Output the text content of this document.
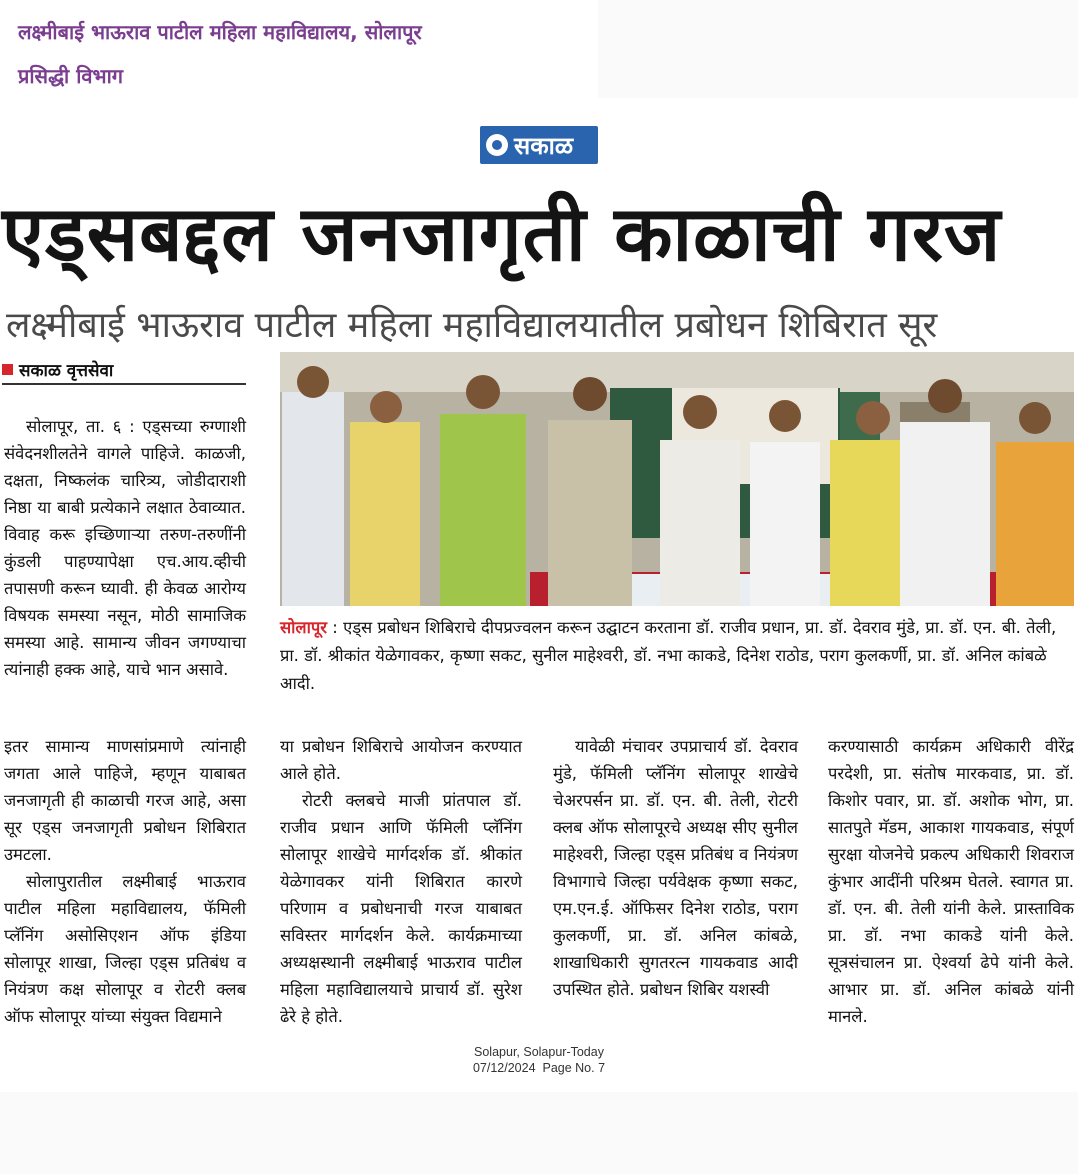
लक्ष्मीबाई भाऊराव पाटील महिला महाविद्यालय, सोलापूर
प्रसिद्धी विभाग
सकाळ
एड्‌सबद्दल जनजागृती काळाची गरज
लक्ष्मीबाई भाऊराव पाटील महिला महाविद्यालयातील प्रबोधन शिबिरात सूर
सकाळ वृत्तसेवा
सोलापूर : एड्स प्रबोधन शिबिराचे दीपप्रज्वलन करून उद्घाटन करताना डॉ. राजीव प्रधान, प्रा. डॉ. देवराव मुंडे, प्रा. डॉ. एन. बी. तेली, प्रा. डॉ. श्रीकांत येळेगावकर, कृष्णा सकट, सुनील माहेश्वरी, डॉ. नभा काकडे, दिनेश राठोड, पराग कुलकर्णी, प्रा. डॉ. अनिल कांबळे आदी.

सोलापूर, ता. ६ : एड्सच्या रुग्णाशी संवेदनशीलतेने वागले पाहिजे. काळजी, दक्षता, निष्कलंक चारित्र्य, जोडीदाराशी निष्ठा या बाबी प्रत्येकाने लक्षात ठेवाव्यात. विवाह करू इच्छिणाऱ्या तरुण-तरुणींनी कुंडली पाहण्यापेक्षा एच.आय.व्हीची तपासणी करून घ्यावी. ही केवळ आरोग्य विषयक समस्या नसून, मोठी सामाजिक समस्या आहे. सामान्य जीवन जगण्याचा त्यांनाही हक्क आहे, याचे भान असावे.

इतर सामान्य माणसांप्रमाणे त्यांनाही जगता आले पाहिजे, म्हणून याबाबत जनजागृती ही काळाची गरज आहे, असा सूर एड्स जनजागृती प्रबोधन शिबिरात उमटला.

सोलापुरातील लक्ष्मीबाई भाऊराव पाटील महिला महाविद्यालय, फॅमिली प्लॅनिंग असोसिएशन ऑफ इंडिया सोलापूर शाखा, जिल्हा एड्स प्रतिबंध व नियंत्रण कक्ष सोलापूर व रोटरी क्लब ऑफ सोलापूर यांच्या संयुक्त विद्यमाने

या प्रबोधन शिबिराचे आयोजन करण्यात आले होते.

रोटरी क्लबचे माजी प्रांतपाल डॉ. राजीव प्रधान आणि फॅमिली प्लॅनिंग सोलापूर शाखेचे मार्गदर्शक डॉ. श्रीकांत येळेगावकर यांनी शिबिरात कारणे परिणाम व प्रबोधनाची गरज याबाबत सविस्तर मार्गदर्शन केले. कार्यक्रमाच्या अध्यक्षस्थानी लक्ष्मीबाई भाऊराव पाटील महिला महाविद्यालयाचे प्राचार्य डॉ. सुरेश ढेरे हे होते.

यावेळी मंचावर उपप्राचार्य डॉ. देवराव मुंडे, फॅमिली प्लॅनिंग सोलापूर शाखेचे चेअरपर्सन प्रा. डॉ. एन. बी. तेली, रोटरी क्लब ऑफ सोलापूरचे अध्यक्ष सीए सुनील माहेश्वरी, जिल्हा एड्स प्रतिबंध व नियंत्रण विभागाचे जिल्हा पर्यवेक्षक कृष्णा सकट, एम.एन.ई. ऑफिसर दिनेश राठोड, पराग कुलकर्णी, प्रा. डॉ. अनिल कांबळे, शाखाधिकारी सुगतरत्न गायकवाड आदी उपस्थित होते. प्रबोधन शिबिर यशस्वी

करण्यासाठी कार्यक्रम अधिकारी वीरेंद्र परदेशी, प्रा. संतोष मारकवाड, प्रा. डॉ. किशोर पवार, प्रा. डॉ. अशोक भोग, प्रा. सातपुते मॅडम, आकाश गायकवाड, संपूर्ण सुरक्षा योजनेचे प्रकल्प अधिकारी शिवराज कुंभार आदींनी परिश्रम घेतले. स्वागत प्रा. डॉ. एन. बी. तेली यांनी केले. प्रास्ताविक प्रा. डॉ. नभा काकडे यांनी केले. सूत्रसंचालन प्रा. ऐश्वर्या ढेपे यांनी केले. आभार प्रा. डॉ. अनिल कांबळे यांनी मानले.

Solapur, Solapur-Today
07/12/2024  Page No. 7
